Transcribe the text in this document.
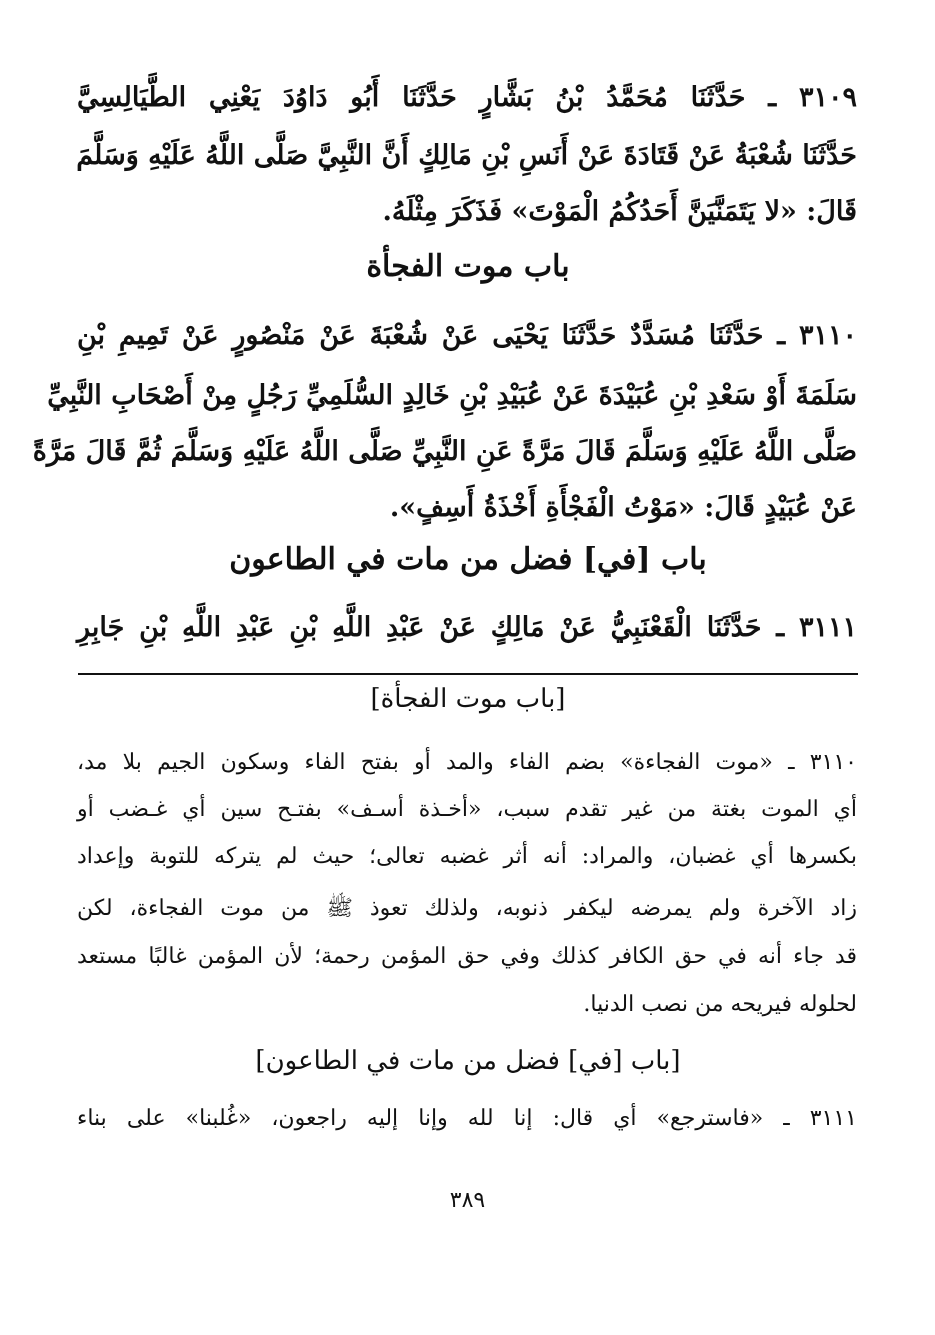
٣١٠٩ ـ حَدَّثَنَا مُحَمَّدُ بْنُ بَشَّارٍ حَدَّثَنَا أَبُو دَاوُدَ يَعْنِي الطَّيَالِسِيَّ
حَدَّثَنَا شُعْبَةُ عَنْ قَتَادَةَ عَنْ أَنَسِ بْنِ مَالِكٍ أَنَّ النَّبِيَّ صَلَّى اللَّهُ عَلَيْهِ وَسَلَّمَ
قَالَ: «لا يَتَمَنَّيَنَّ أَحَدُكُمُ الْمَوْتَ» فَذَكَرَ مِثْلَهُ.
باب موت الفجأة
٣١١٠ ـ حَدَّثَنَا مُسَدَّدٌ حَدَّثَنَا يَحْيَى عَنْ شُعْبَةَ عَنْ مَنْصُورٍ عَنْ تَمِيمِ بْنِ
سَلَمَةَ أَوْ سَعْدِ بْنِ عُبَيْدَةَ عَنْ عُبَيْدِ بْنِ خَالِدٍ السُّلَمِيِّ رَجُلٍ مِنْ أَصْحَابِ النَّبِيِّ
صَلَّى اللَّهُ عَلَيْهِ وَسَلَّمَ قَالَ مَرَّةً عَنِ النَّبِيِّ صَلَّى اللَّهُ عَلَيْهِ وَسَلَّمَ ثُمَّ قَالَ مَرَّةً
عَنْ عُبَيْدٍ قَالَ: «مَوْتُ الْفَجْأَةِ أَخْذَةُ أَسِفٍ».
باب [في] فضل من مات في الطاعون
٣١١١ ـ حَدَّثَنَا الْقَعْنَبِيُّ عَنْ مَالِكٍ عَنْ عَبْدِ اللَّهِ بْنِ عَبْدِ اللَّهِ بْنِ جَابِرِ
[باب موت الفجأة]
٣١١٠ ـ «موت الفجاءة» بضم الفاء والمد أو بفتح الفاء وسكون الجيم بلا مد،
أي الموت بغتة من غير تقدم سبب، «أخـذة أسـف» بفتـح سين أي غـضب أو
بكسرها أي غضبان، والمراد: أنه أثر غضبه تعالى؛ حيث لم يتركه للتوبة وإعداد
زاد الآخرة ولم يمرضه ليكفر ذنوبه، ولذلك تعوذ ﷺ من موت الفجاءة، لكن
قد جاء أنه في حق الكافر كذلك وفي حق المؤمن رحمة؛ لأن المؤمن غالبًا مستعد
لحلوله فيريحه من نصب الدنيا.
[باب [في] فضل من مات في الطاعون]
٣١١١ ـ «فاسترجع» أي قال: إنا لله وإنا إليه راجعون، «غُلبنا» على بناء
٣٨٩
